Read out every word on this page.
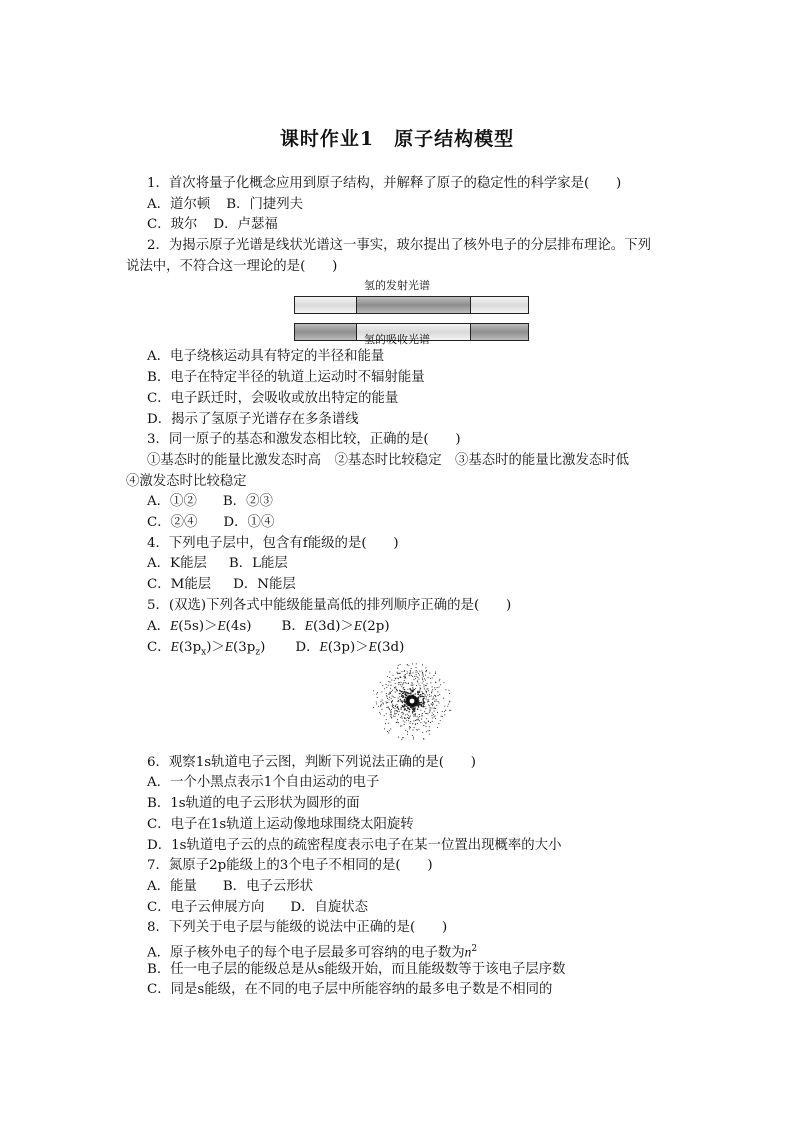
课时作业1　原子结构模型
1．首次将量子化概念应用到原子结构，并解释了原子的稳定性的科学家是(　　)
A．道尔顿 B．门捷列夫
C．玻尔 D．卢瑟福
2．为揭示原子光谱是线状光谱这一事实，玻尔提出了核外电子的分层排布理论。下列
说法中，不符合这一理论的是(　　)
氢的发射光谱
氢的吸收光谱
A．电子绕核运动具有特定的半径和能量
B．电子在特定半径的轨道上运动时不辐射能量
C．电子跃迁时，会吸收或放出特定的能量
D．揭示了氢原子光谱存在多条谱线
3．同一原子的基态和激发态相比较，正确的是(　　)
①基态时的能量比激发态时高　②基态时比较稳定　③基态时的能量比激发态时低
④激发态时比较稳定
A．①② B．②③
C．②④ D．①④
4．下列电子层中，包含有f能级的是(　　)
A．K能层 B．L能层
C．M能层 D．N能层
5．(双选)下列各式中能级能量高低的排列顺序正确的是(　　)
A．E(5s)＞E(4s) B．E(3d)＞E(2p)
C．$E(3p_x)>E(3p_z)$ D．E(3p)＞E(3d)
6．观察1s轨道电子云图，判断下列说法正确的是(　　)
A．一个小黑点表示1个自由运动的电子
B．1s轨道的电子云形状为圆形的面
C．电子在1s轨道上运动像地球围绕太阳旋转
D．1s轨道电子云的点的疏密程度表示电子在某一位置出现概率的大小
7．氮原子2p能级上的3个电子不相同的是(　　)
A．能量 B．电子云形状
C．电子云伸展方向 D．自旋状态
8．下列关于电子层与能级的说法中正确的是(　　)
A．原子核外电子的每个电子层最多可容纳的电子数为$n^2$
B．任一电子层的能级总是从s能级开始，而且能级数等于该电子层序数
C．同是s能级，在不同的电子层中所能容纳的最多电子数是不相同的
